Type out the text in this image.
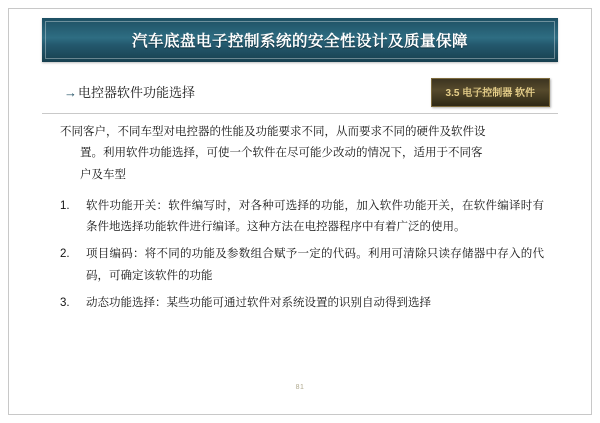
汽车底盘电子控制系统的安全性设计及质量保障
→电控器软件功能选择	3.5 电子控制器 软件

不同客户，不同车型对电控器的性能及功能要求不同，从而要求不同的硬件及软件设

置。利用软件功能选择，可使一个软件在尽可能少改动的情况下，适用于不同客

户及车型

1.	软件功能开关：软件编写时，对各种可选择的功能，加入软件功能开关，在软件编译时有条件地选择功能软件进行编译。这种方法在电控器程序中有着广泛的使用。
2.	项目编码：将不同的功能及参数组合赋予一定的代码。利用可清除只读存储器中存入的代码，可确定该软件的功能
3.	动态功能选择：某些功能可通过软件对系统设置的识别自动得到选择
81
